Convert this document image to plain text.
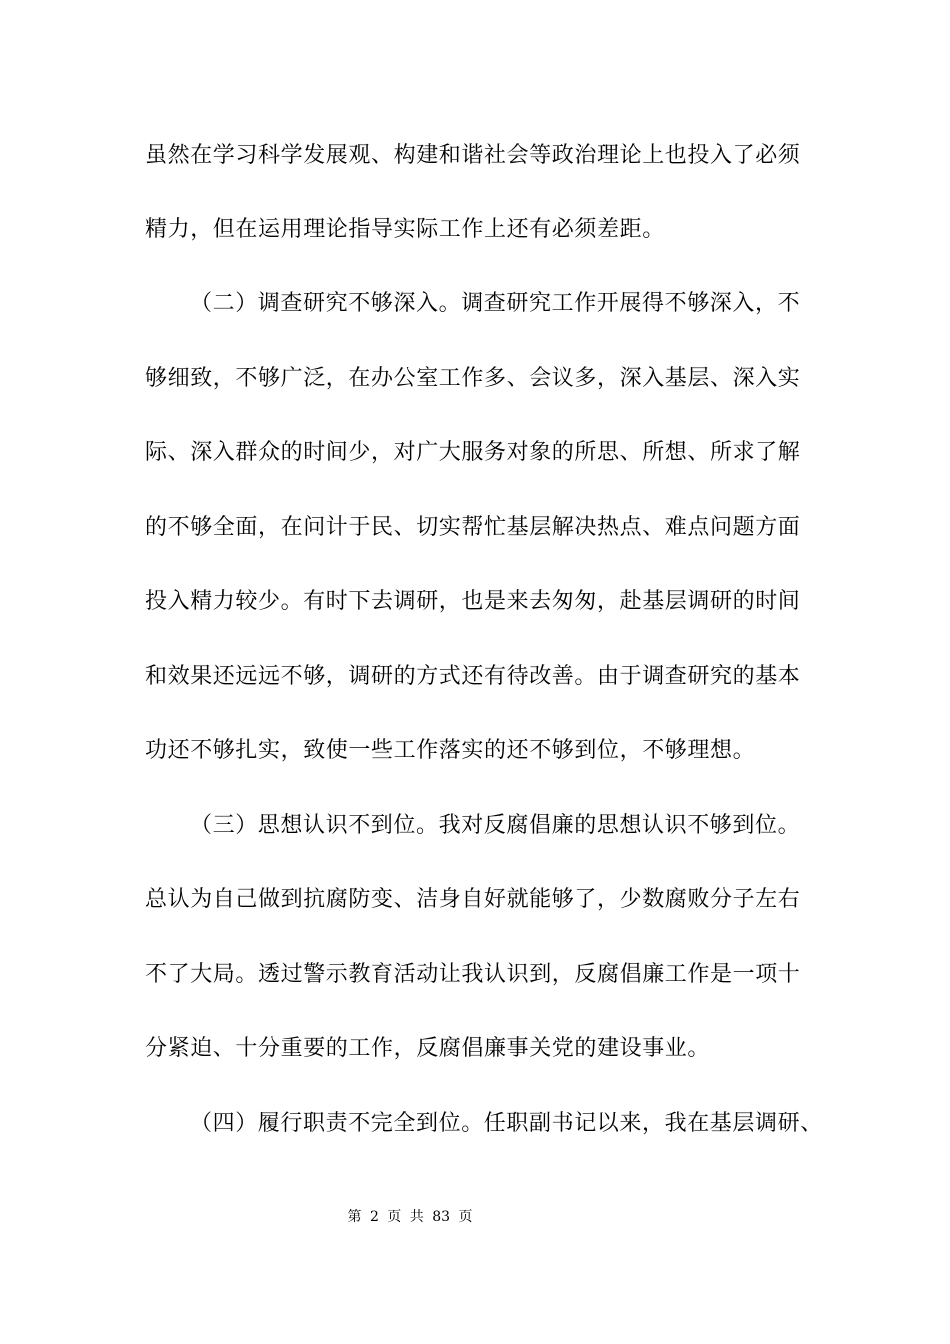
虽然在学习科学发展观、构建和谐社会等政治理论上也投入了必须
精力，但在运用理论指导实际工作上还有必须差距。
（二）调查研究不够深入。调查研究工作开展得不够深入，不
够细致，不够广泛，在办公室工作多、会议多，深入基层、深入实
际、深入群众的时间少，对广大服务对象的所思、所想、所求了解
的不够全面，在问计于民、切实帮忙基层解决热点、难点问题方面
投入精力较少。有时下去调研，也是来去匆匆，赴基层调研的时间
和效果还远远不够，调研的方式还有待改善。由于调查研究的基本
功还不够扎实，致使一些工作落实的还不够到位，不够理想。
（三）思想认识不到位。我对反腐倡廉的思想认识不够到位。
总认为自己做到抗腐防变、洁身自好就能够了，少数腐败分子左右
不了大局。透过警示教育活动让我认识到，反腐倡廉工作是一项十
分紧迫、十分重要的工作，反腐倡廉事关党的建设事业。
（四）履行职责不完全到位。任职副书记以来，我在基层调研、
第 2 页 共 83 页
